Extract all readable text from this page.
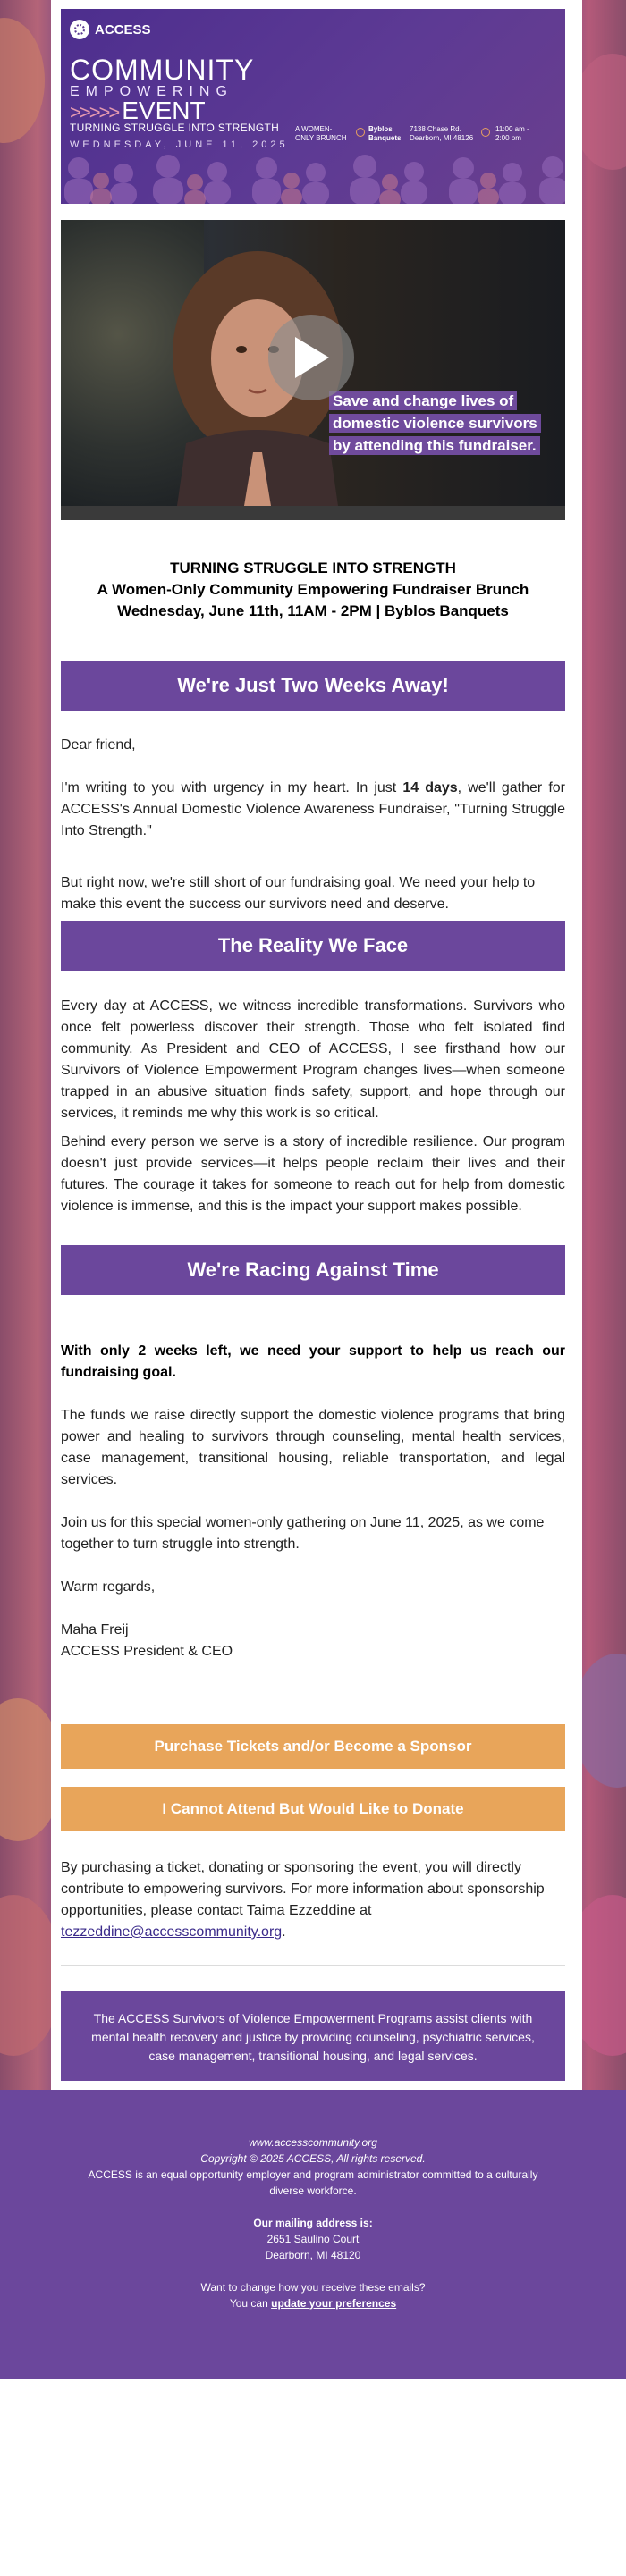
ACCESS
COMMUNITY
EMPOWERING
>>>>> EVENT
TURNING STRUGGLE INTO STRENGTH
WEDNESDAY, JUNE 11, 2025
A WOMEN-
ONLY BRUNCH
Byblos
Banquets
7138 Chase Rd.
Dearborn, MI 48126
11:00 am -
2:00 pm
Save and change lives of
domestic violence survivors
by attending this fundraiser.
TURNING STRUGGLE INTO STRENGTH
A Women-Only Community Empowering Fundraiser Brunch
Wednesday, June 11th, 11AM - 2PM | Byblos Banquets
We're Just Two Weeks Away!
Dear friend,
I'm writing to you with urgency in my heart. In just 14 days, we'll gather for ACCESS's Annual Domestic Violence Awareness Fundraiser, "Turning Struggle Into Strength."
But right now, we're still short of our fundraising goal. We need your help to make this event the success our survivors need and deserve.
The Reality We Face
Every day at ACCESS, we witness incredible transformations. Survivors who once felt powerless discover their strength. Those who felt isolated find community. As President and CEO of ACCESS, I see firsthand how our Survivors of Violence Empowerment Program changes lives—when someone trapped in an abusive situation finds safety, support, and hope through our services, it reminds me why this work is so critical.
Behind every person we serve is a story of incredible resilience. Our program doesn't just provide services—it helps people reclaim their lives and their futures. The courage it takes for someone to reach out for help from domestic violence is immense, and this is the impact your support makes possible.
We're Racing Against Time
With only 2 weeks left, we need your support to help us reach our fundraising goal.
The funds we raise directly support the domestic violence programs that bring power and healing to survivors through counseling, mental health services, case management, transitional housing, reliable transportation, and legal services.
Join us for this special women-only gathering on June 11, 2025, as we come together to turn struggle into strength.
Warm regards,
Maha Freij
ACCESS President & CEO
Purchase Tickets and/or Become a Sponsor
I Cannot Attend But Would Like to Donate
By purchasing a ticket, donating or sponsoring the event, you will directly contribute to empowering survivors. For more information about sponsorship opportunities, please contact Taima Ezzeddine at tezzeddine@accesscommunity.org.
The ACCESS Survivors of Violence Empowerment Programs assist clients with mental health recovery and justice by providing counseling, psychiatric services, case management, transitional housing, and legal services.
www.accesscommunity.org
Copyright © 2025 ACCESS, All rights reserved.
ACCESS is an equal opportunity employer and program administrator committed to a culturally diverse workforce.
Our mailing address is:
2651 Saulino Court
Dearborn, MI 48120
Want to change how you receive these emails?
You can update your preferences
